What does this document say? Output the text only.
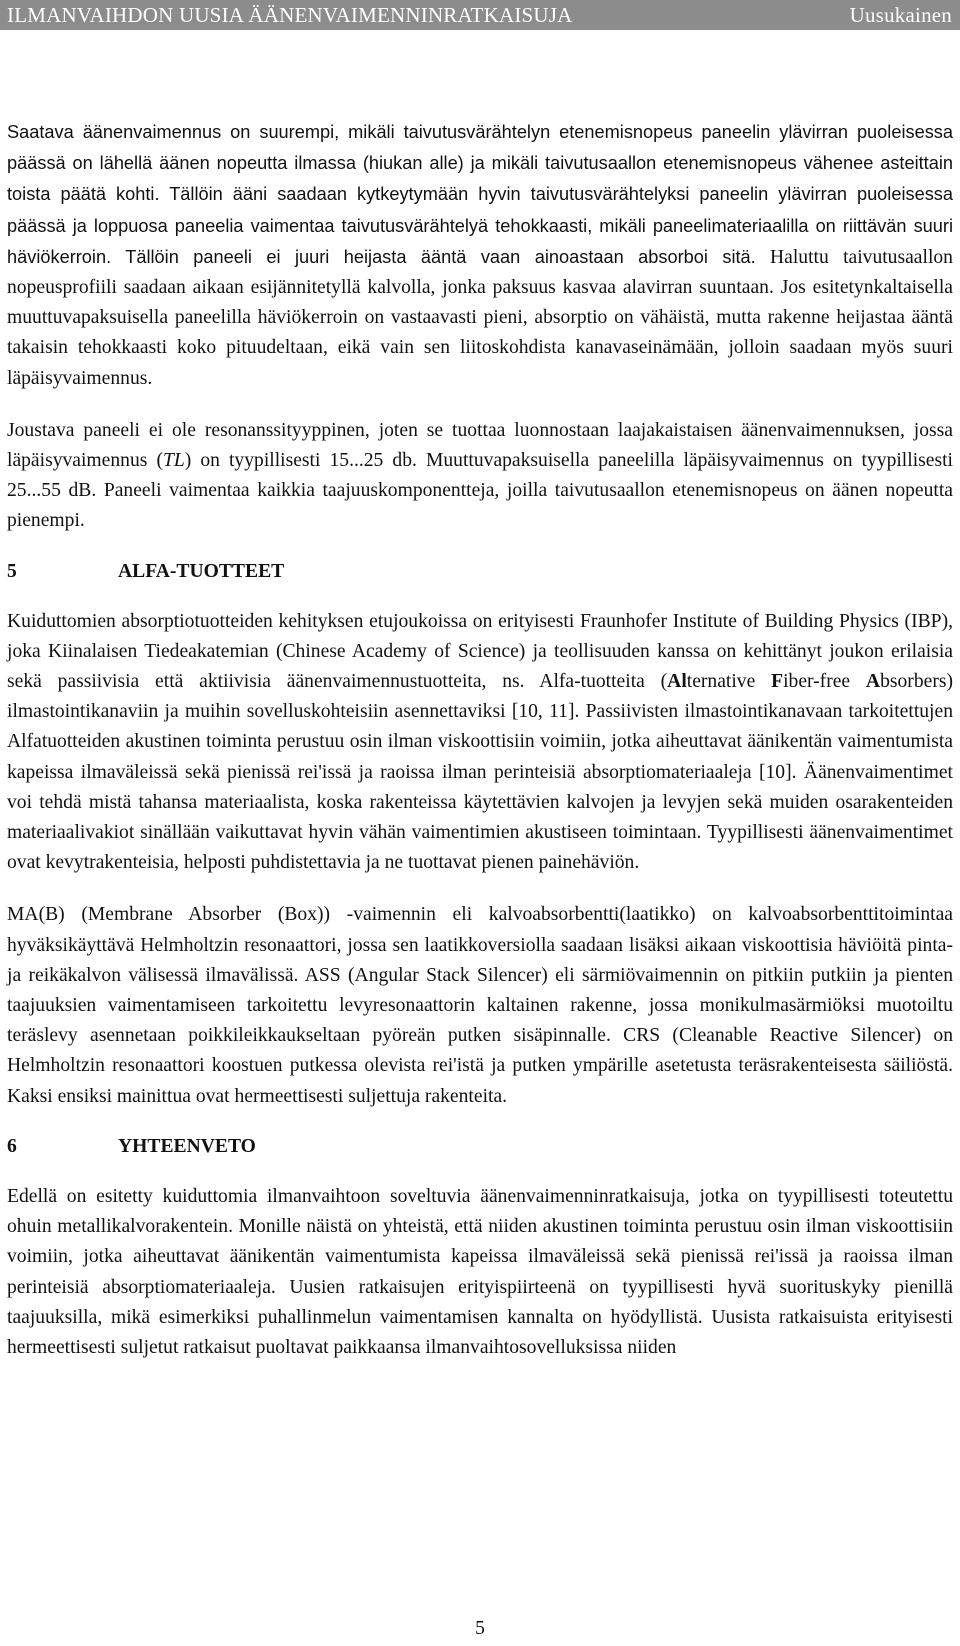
ILMANVAIHDON UUSIA ÄÄNENVAIMENNINRATKAISUJA	Uusukainen

Saatava äänenvaimennus on suurempi, mikäli taivutusvärähtelyn etenemisnopeus paneelin ylävirran puoleisessa päässä on lähellä äänen nopeutta ilmassa (hiukan alle) ja mikäli taivutusaallon etenemisnopeus vähenee asteittain toista päätä kohti. Tällöin ääni saadaan kytkeytymään hyvin taivutusvärähtelyksi paneelin ylävirran puoleisessa päässä ja loppuosa paneelia vaimentaa taivutusvärähtelyä tehokkaasti, mikäli paneelimateriaalilla on riittävän suuri häviökerroin. Tällöin paneeli ei juuri heijasta ääntä vaan ainoastaan absorboi sitä. Haluttu taivutusaallon nopeusprofiili saadaan aikaan esijännitetyllä kalvolla, jonka paksuus kasvaa alavirran suuntaan. Jos esitetynkaltaisella muuttuvapaksuisella paneelilla häviökerroin on vastaavasti pieni, absorptio on vähäistä, mutta rakenne heijastaa ääntä takaisin tehokkaasti koko pituudeltaan, eikä vain sen liitoskohdista kanavaseinämään, jolloin saadaan myös suuri läpäisyvaimennus.

Joustava paneeli ei ole resonanssityyppinen, joten se tuottaa luonnostaan laajakaistaisen äänenvaimennuksen, jossa läpäisyvaimennus (TL) on tyypillisesti 15...25 db. Muuttuvapaksuisella paneelilla läpäisyvaimennus on tyypillisesti 25...55 dB. Paneeli vaimentaa kaikkia taajuuskomponentteja, joilla taivutusaallon etenemisnopeus on äänen nopeutta pienempi.

5	ALFA-TUOTTEET

Kuiduttomien absorptiotuotteiden kehityksen etujoukoissa on erityisesti Fraunhofer Institute of Building Physics (IBP), joka Kiinalaisen Tiedeakatemian (Chinese Academy of Science) ja teollisuuden kanssa on kehittänyt joukon erilaisia sekä passiivisia että aktiivisia äänenvaimennustuotteita, ns. Alfa-tuotteita (Alternative Fiber-free Absorbers) ilmastointikanaviin ja muihin sovelluskohteisiin asennettaviksi [10, 11]. Passiivisten ilmastointikanavaan tarkoitettujen Alfatuotteiden akustinen toiminta perustuu osin ilman viskoottisiin voimiin, jotka aiheuttavat äänikentän vaimentumista kapeissa ilmaväleissä sekä pienissä rei'issä ja raoissa ilman perinteisiä absorptiomateriaaleja [10]. Äänenvaimentimet voi tehdä mistä tahansa materiaalista, koska rakenteissa käytettävien kalvojen ja levyjen sekä muiden osarakenteiden materiaalivakiot sinällään vaikuttavat hyvin vähän vaimentimien akustiseen toimintaan. Tyypillisesti äänenvaimentimet ovat kevytrakenteisia, helposti puhdistettavia ja ne tuottavat pienen painehäviön.

MA(B) (Membrane Absorber (Box)) -vaimennin eli kalvoabsorbentti(laatikko) on kalvoabsorbenttitoimintaa hyväksikäyttävä Helmholtzin resonaattori, jossa sen laatikkoversiolla saadaan lisäksi aikaan viskoottisia häviöitä pinta- ja reikäkalvon välisessä ilmavälissä. ASS (Angular Stack Silencer) eli särmiövaimennin on pitkiin putkiin ja pienten taajuuksien vaimentamiseen tarkoitettu levyresonaattorin kaltainen rakenne, jossa monikulmasärmiöksi muotoiltu teräslevy asennetaan poikkileikkaukseltaan pyöreän putken sisäpinnalle. CRS (Cleanable Reactive Silencer) on Helmholtzin resonaattori koostuen putkessa olevista rei'istä ja putken ympärille asetetusta teräsrakenteisesta säiliöstä. Kaksi ensiksi mainittua ovat hermeettisesti suljettuja rakenteita.

6	YHTEENVETO

Edellä on esitetty kuiduttomia ilmanvaihtoon soveltuvia äänenvaimenninratkaisuja, jotka on tyypillisesti toteutettu ohuin metallikalvorakentein. Monille näistä on yhteistä, että niiden akustinen toiminta perustuu osin ilman viskoottisiin voimiin, jotka aiheuttavat äänikentän vaimentumista kapeissa ilmaväleissä sekä pienissä rei'issä ja raoissa ilman perinteisiä absorptiomateriaaleja. Uusien ratkaisujen erityispiirteenä on tyypillisesti hyvä suorituskyky pienillä taajuuksilla, mikä esimerkiksi puhallinmelun vaimentamisen kannalta on hyödyllistä. Uusista ratkaisuista erityisesti hermeettisesti suljetut ratkaisut puoltavat paikkaansa ilmanvaihtosovelluksissa niiden

5
